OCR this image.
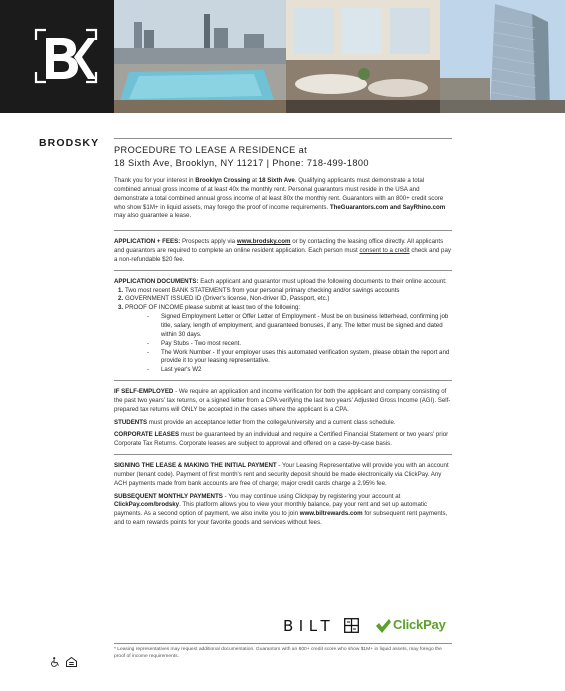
BRODSKY
PROCEDURE TO LEASE A RESIDENCE at
18 Sixth Ave, Brooklyn, NY 11217 | Phone: 718-499-1800

Thank you for your interest in Brooklyn Crossing at 18 Sixth Ave. Qualifying applicants must demonstrate a total combined annual gross income of at least 40x the monthly rent. Personal guarantors must reside in the USA and demonstrate a total combined annual gross income of at least 80x the monthly rent. Guarantors with an 800+ credit score who show $1M+ in liquid assets, may forego the proof of income requirements. TheGuarantors.com and SayRhino.com may also guarantee a lease.

APPLICATION + FEES: Prospects apply via www.brodsky.com or by contacting the leasing office directly. All applicants and guarantors are required to complete an online resident application. Each person must consent to a credit check and pay a non-refundable $20 fee.

APPLICATION DOCUMENTS: Each applicant and guarantor must upload the following documents to their online account:

1. Two most recent BANK STATEMENTS from your personal primary checking and/or savings accounts
2. GOVERNMENT ISSUED ID (Driver's license, Non-driver ID, Passport, etc.)
3. PROOF OF INCOME please submit at least two of the following:
-	Signed Employment Letter or Offer Letter of Employment - Must be on business letterhead, confirming job title, salary, length of employment, and guaranteed bonuses, if any. The letter must be signed and dated within 30 days.
-	Pay Stubs - Two most recent.
-	The Work Number - If your employer uses this automated verification system, please obtain the report and provide it to your leasing representative.
-	Last year's W2

IF SELF-EMPLOYED - We require an application and income verification for both the applicant and company consisting of the past two years' tax returns, or a signed letter from a CPA verifying the last two years' Adjusted Gross Income (AGI). Self-prepared tax returns will ONLY be accepted in the cases where the applicant is a CPA.

STUDENTS must provide an acceptance letter from the college/university and a current class schedule.

CORPORATE LEASES must be guaranteed by an individual and require a Certified Financial Statement or two years' prior Corporate Tax Returns. Corporate leases are subject to approval and offered on a case-by-case basis.

SIGNING THE LEASE & MAKING THE INITIAL PAYMENT - Your Leasing Representative will provide you with an account number (tenant code). Payment of first month's rent and security deposit should be made electronically via ClickPay. Any ACH payments made from bank accounts are free of charge; major credit cards charge a 2.95% fee.

SUBSEQUENT MONTHLY PAYMENTS - You may continue using Clickpay by registering your account at ClickPay.com/brodsky. This platform allows you to view your monthly balance, pay your rent and set up automatic payments. As a second option of payment, we also invite you to join www.biltrewards.com for subsequent rent payments, and to earn rewards points for your favorite goods and services without fees.

BILT	ClickPay
* Leasing representatives may request additional documentation. Guarantors with an 800+ credit score who show $1M+ in liquid assets, may forego the proof of income requirements.
